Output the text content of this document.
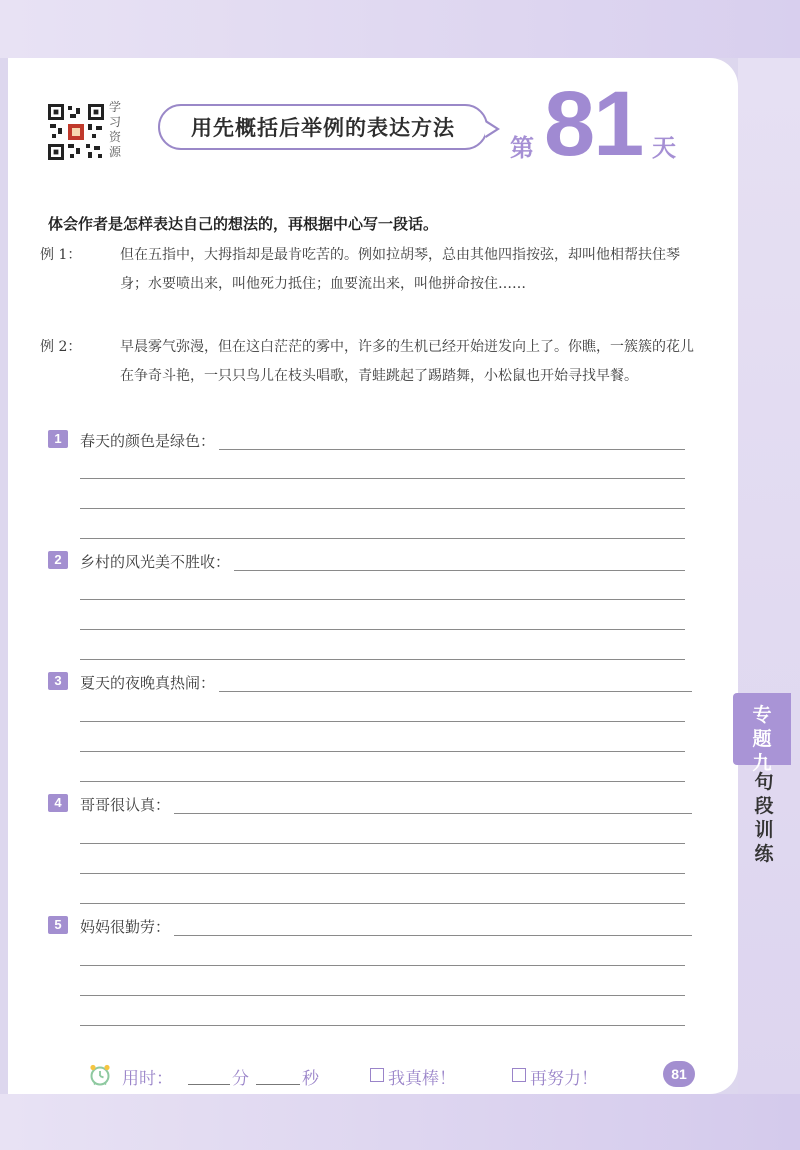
学习资源
用先概括后举例的表达方法
第 81 天
体会作者是怎样表达自己的想法的，再根据中心写一段话。
例 1：	但在五指中，大拇指却是最肯吃苦的。例如拉胡琴，总由其他四指按弦，却叫他相帮扶住琴身；水要喷出来，叫他死力抵住；血要流出来，叫他拼命按住……
例 2：	早晨雾气弥漫，但在这白茫茫的雾中，许多的生机已经开始迸发向上了。你瞧，一簇簇的花儿在争奇斗艳，一只只鸟儿在枝头唱歌，青蛙跳起了踢踏舞，小松鼠也开始寻找早餐。
1	春天的颜色是绿色：
2	乡村的风光美不胜收：
3	夏天的夜晚真热闹：
4	哥哥很认真：
5	妈妈很勤劳：
专题九
句段训练
用时：	分	秒	我真棒！	再努力！	81
